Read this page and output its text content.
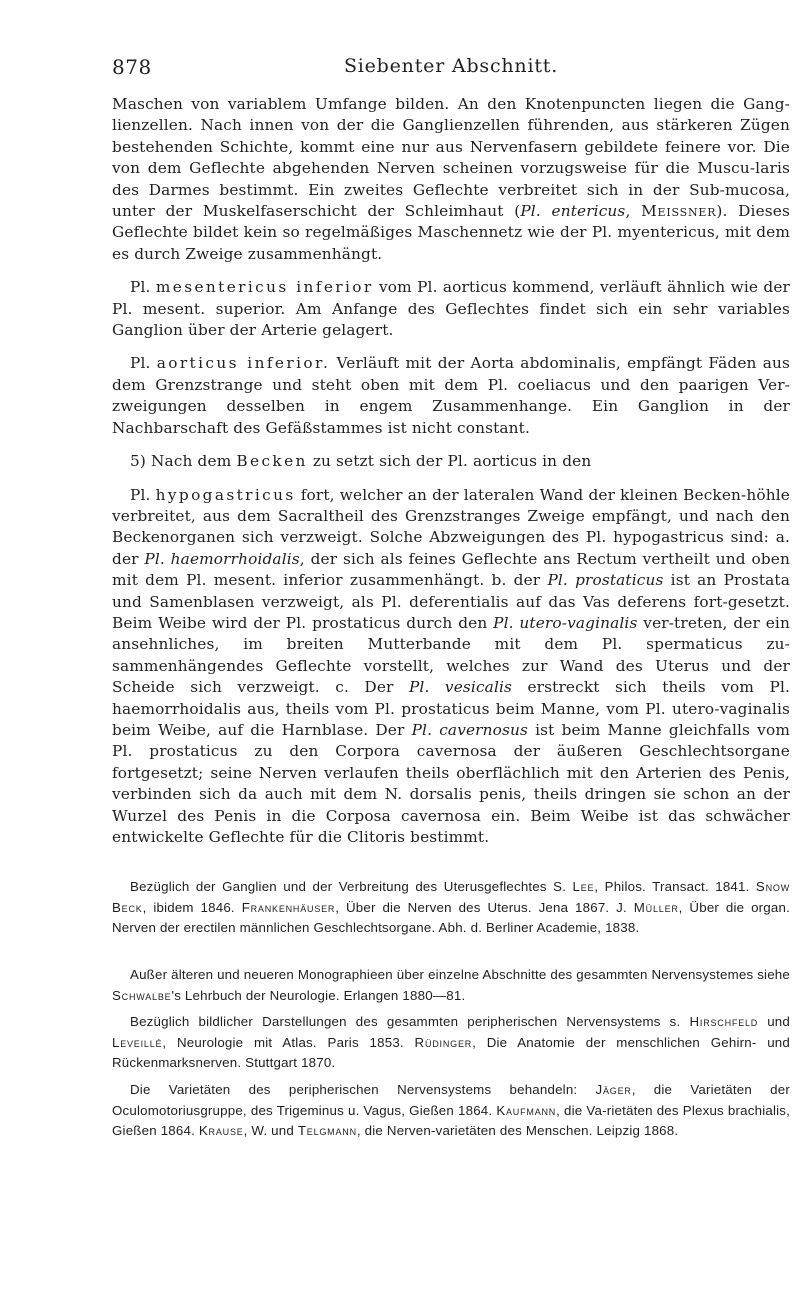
878	Siebenter Abschnitt.

Maschen von variablem Umfange bilden. An den Knotenpuncten liegen die Gang-lienzellen. Nach innen von der die Ganglienzellen führenden, aus stärkeren Zügen bestehenden Schichte, kommt eine nur aus Nervenfasern gebildete feinere vor. Die von dem Geflechte abgehenden Nerven scheinen vorzugsweise für die Muscu-laris des Darmes bestimmt. Ein zweites Geflechte verbreitet sich in der Sub-mucosa, unter der Muskelfaserschicht der Schleimhaut (Pl. entericus, Meissner). Dieses Geflechte bildet kein so regelmäßiges Maschennetz wie der Pl. myentericus, mit dem es durch Zweige zusammenhängt.

Pl. mesentericus inferior vom Pl. aorticus kommend, verläuft ähnlich wie der Pl. mesent. superior. Am Anfange des Geflechtes findet sich ein sehr variables Ganglion über der Arterie gelagert.

Pl. aorticus inferior. Verläuft mit der Aorta abdominalis, empfängt Fäden aus dem Grenzstrange und steht oben mit dem Pl. coeliacus und den paarigen Ver-zweigungen desselben in engem Zusammenhange. Ein Ganglion in der Nachbarschaft des Gefäßstammes ist nicht constant.

5) Nach dem Becken zu setzt sich der Pl. aorticus in den

Pl. hypogastricus fort, welcher an der lateralen Wand der kleinen Becken-höhle verbreitet, aus dem Sacraltheil des Grenzstranges Zweige empfängt, und nach den Beckenorganen sich verzweigt. Solche Abzweigungen des Pl. hypogastricus sind: a. der Pl. haemorrhoidalis, der sich als feines Geflechte ans Rectum vertheilt und oben mit dem Pl. mesent. inferior zusammenhängt. b. der Pl. prostaticus ist an Prostata und Samenblasen verzweigt, als Pl. deferentialis auf das Vas deferens fort-gesetzt. Beim Weibe wird der Pl. prostaticus durch den Pl. utero-vaginalis ver-treten, der ein ansehnliches, im breiten Mutterbande mit dem Pl. spermaticus zu-sammenhängendes Geflechte vorstellt, welches zur Wand des Uterus und der Scheide sich verzweigt. c. Der Pl. vesicalis erstreckt sich theils vom Pl. haemorrhoidalis aus, theils vom Pl. prostaticus beim Manne, vom Pl. utero-vaginalis beim Weibe, auf die Harnblase. Der Pl. cavernosus ist beim Manne gleichfalls vom Pl. prostaticus zu den Corpora cavernosa der äußeren Geschlechtsorgane fortgesetzt; seine Nerven verlaufen theils oberflächlich mit den Arterien des Penis, verbinden sich da auch mit dem N. dorsalis penis, theils dringen sie schon an der Wurzel des Penis in die Corposa cavernosa ein. Beim Weibe ist das schwächer entwickelte Geflechte für die Clitoris bestimmt.

Bezüglich der Ganglien und der Verbreitung des Uterusgeflechtes S. Lee, Philos. Transact. 1841. Snow Beck, ibidem 1846. Frankenhäuser, Über die Nerven des Uterus. Jena 1867. J. Müller, Über die organ. Nerven der erectilen männlichen Geschlechtsorgane. Abh. d. Berliner Academie, 1838.

Außer älteren und neueren Monographieen über einzelne Abschnitte des gesammten Nervensystemes siehe Schwalbe's Lehrbuch der Neurologie. Erlangen 1880—81.

Bezüglich bildlicher Darstellungen des gesammten peripherischen Nervensystems s. Hirschfeld und Leveillé, Neurologie mit Atlas. Paris 1853. Rüdinger, Die Anatomie der menschlichen Gehirn- und Rückenmarksnerven. Stuttgart 1870.

Die Varietäten des peripherischen Nervensystems behandeln: Jäger, die Varietäten der Oculomotoriusgruppe, des Trigeminus u. Vagus, Gießen 1864. Kaufmann, die Va-rietäten des Plexus brachialis, Gießen 1864. Krause, W. und Telgmann, die Nerven-varietäten des Menschen. Leipzig 1868.
